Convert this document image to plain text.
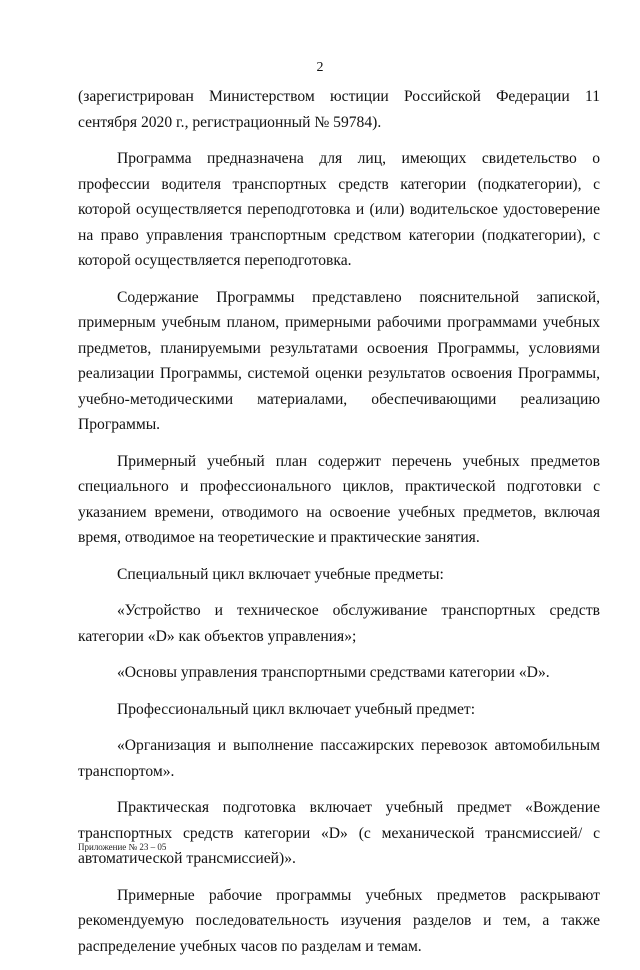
2

(зарегистрирован Министерством юстиции Российской Федерации 11 сентября 2020 г., регистрационный № 59784).

Программа предназначена для лиц, имеющих свидетельство о профессии водителя транспортных средств категории (подкатегории), с которой осуществляется переподготовка и (или) водительское удостоверение на право управления транспортным средством категории (подкатегории), с которой осуществляется переподготовка.

Содержание Программы представлено пояснительной запиской, примерным учебным планом, примерными рабочими программами учебных предметов, планируемыми результатами освоения Программы, условиями реализации Программы, системой оценки результатов освоения Программы, учебно-методическими материалами, обеспечивающими реализацию Программы.

Примерный учебный план содержит перечень учебных предметов специального и профессионального циклов, практической подготовки с указанием времени, отводимого на освоение учебных предметов, включая время, отводимое на теоретические и практические занятия.

Специальный цикл включает учебные предметы:

«Устройство и техническое обслуживание транспортных средств категории «D» как объектов управления»;

«Основы управления транспортными средствами категории «D».

Профессиональный цикл включает учебный предмет:

«Организация и выполнение пассажирских перевозок автомобильным транспортом».

Практическая подготовка включает учебный предмет «Вождение транспортных средств категории «D» (с механической трансмиссией/ с автоматической трансмиссией)».

Примерные рабочие программы учебных предметов раскрывают рекомендуемую последовательность изучения разделов и тем, а также распределение учебных часов по разделам и темам.

Приложение № 23 – 05
